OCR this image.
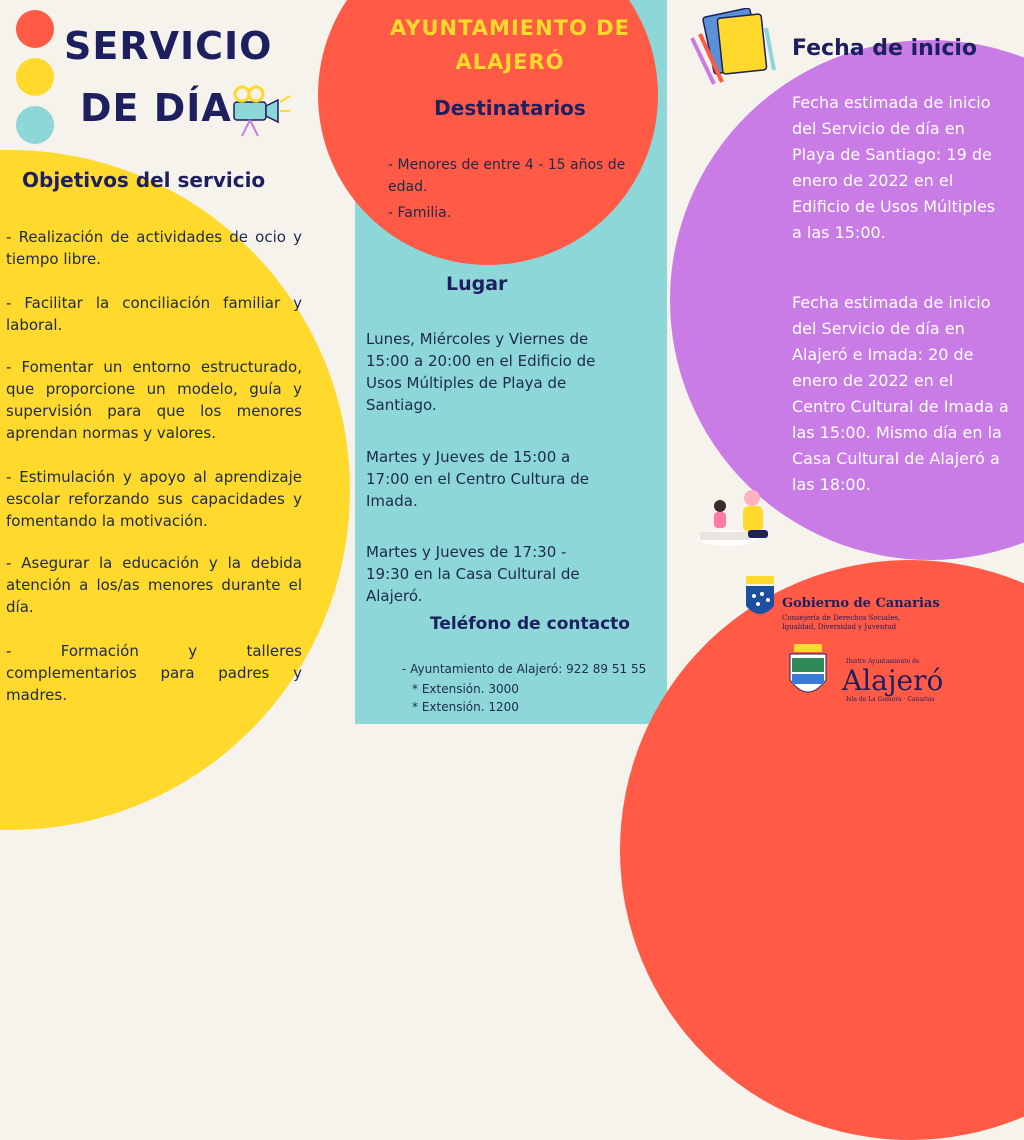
SERVICIO
DE DÍA
Objetivos del servicio
- Realización de actividades de ocio y tiempo libre.
- Facilitar la conciliación familiar y laboral.
- Fomentar un entorno estructurado, que proporcione un modelo, guía y supervisión para que los menores aprendan normas y valores.
- Estimulación y apoyo al aprendizaje escolar reforzando sus capacidades y fomentando la motivación.
- Asegurar la educación y la debida atención a los/as menores durante el día.
- Formación y talleres complementarios para padres y madres.
AYUNTAMIENTO DE
ALAJERÓ
Destinatarios
- Menores de entre 4 - 15 años de edad.
- Familia.
Lugar
Lunes, Miércoles y Viernes de 15:00 a 20:00 en el Edificio de Usos Múltiples de Playa de Santiago.
Martes y Jueves de 15:00 a 17:00 en el Centro Cultura de Imada.
Martes y Jueves de 17:30 - 19:30 en la Casa Cultural de Alajeró.
Teléfono de contacto
- Ayuntamiento de Alajeró: 922 89 51 55
* Extensión. 3000
* Extensión. 1200
Fecha de inicio
Fecha estimada de inicio del Servicio de día en Playa de Santiago: 19 de enero de 2022 en el Edificio de Usos Múltiples a las 15:00.
Fecha estimada de inicio del Servicio de día en Alajeró e Imada: 20 de enero de 2022 en el Centro Cultural de Imada a las 15:00. Mismo día en la Casa Cultural de Alajeró a las 18:00.
Gobierno de Canarias
Consejería de Derechos Sociales,
Igualdad, Diversidad y Juventud
Ilustre Ayuntamiento de
Alajeró
Isla de La Gomera · Canarias
